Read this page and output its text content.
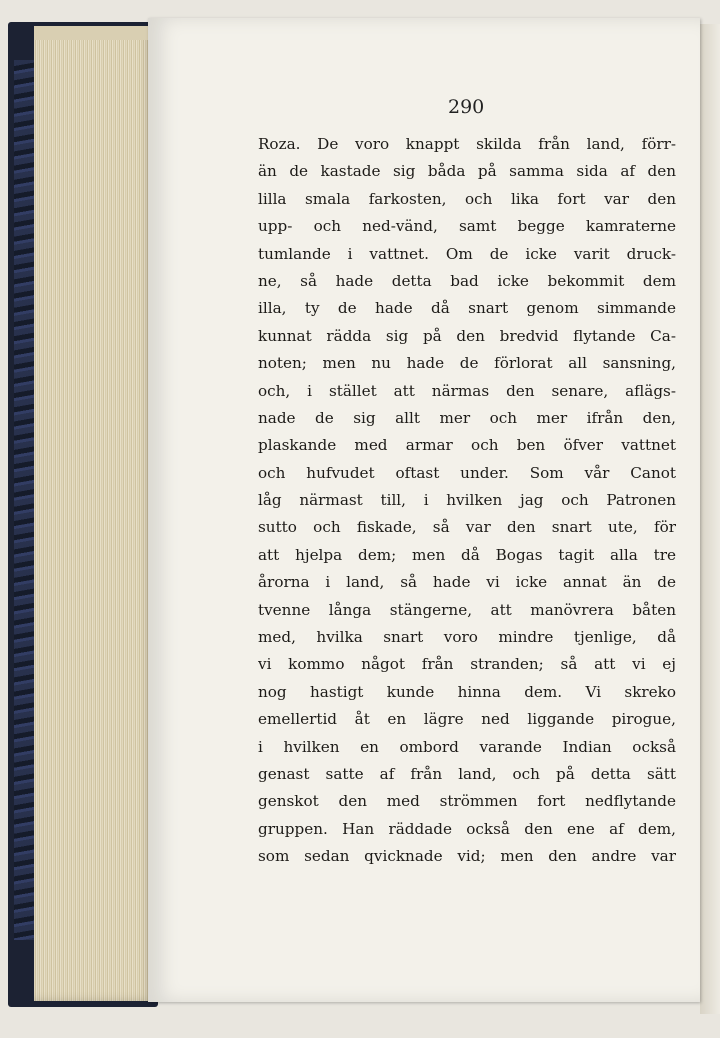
290
Roza. De voro knappt skilda från land, förr-
än de kastade sig båda på samma sida af den
lilla smala farkosten, och lika fort var den
upp- och ned-vänd, samt begge kamraterne
tumlande i vattnet. Om de icke varit druck-
ne, så hade detta bad icke bekommit dem
illa, ty de hade då snart genom simmande
kunnat rädda sig på den bredvid flytande Ca-
noten; men nu hade de förlorat all sansning,
och, i stället att närmas den senare, aflägs-
nade de sig allt mer och mer ifrån den,
plaskande med armar och ben öfver vattnet
och hufvudet oftast under. Som vår Canot
låg närmast till, i hvilken jag och Patronen
sutto och fiskade, så var den snart ute, för
att hjelpa dem; men då Bogas tagit alla tre
årorna i land, så hade vi icke annat än de
tvenne långa stängerne, att manövrera båten
med, hvilka snart voro mindre tjenlige, då
vi kommo något från stranden; så att vi ej
nog hastigt kunde hinna dem. Vi skreko
emellertid åt en lägre ned liggande pirogue,
i hvilken en ombord varande Indian också
genast satte af från land, och på detta sätt
genskot den med strömmen fort nedflytande
gruppen. Han räddade också den ene af dem,
som sedan qvicknade vid; men den andre var
